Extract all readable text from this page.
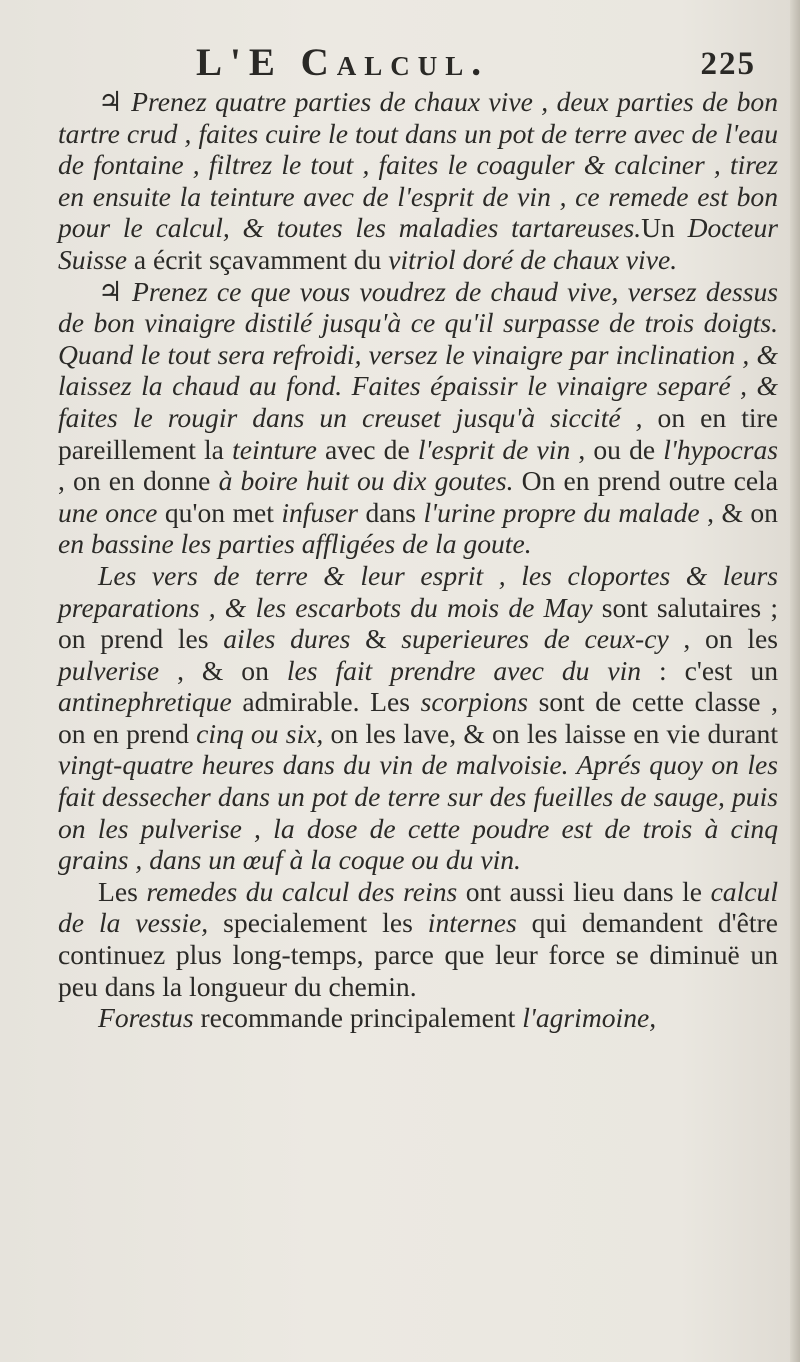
L'E Calcul.	225

♃ Prenez quatre parties de chaux vive , deux parties de bon tartre crud , faites cuire le tout dans un pot de terre avec de l'eau de fontaine , filtrez le tout , faites le coaguler & calciner , tirez en ensuite la teinture avec de l'esprit de vin , ce remede est bon pour le calcul, & toutes les maladies tartareuses.Un Docteur Suisse a écrit sçavamment du vitriol doré de chaux vive.

♃ Prenez ce que vous voudrez de chaud vive, versez dessus de bon vinaigre distilé jusqu'à ce qu'il surpasse de trois doigts. Quand le tout sera refroidi, versez le vinaigre par inclination , & laissez la chaud au fond. Faites épaissir le vinaigre separé , & faites le rougir dans un creuset jusqu'à siccité , on en tire pareillement la teinture avec de l'esprit de vin , ou de l'hypocras , on en donne à boire huit ou dix goutes. On en prend outre cela une once qu'on met infuser dans l'urine propre du malade , & on en bassine les parties affligées de la goute.

Les vers de terre & leur esprit , les cloportes & leurs preparations , & les escarbots du mois de May sont salutaires ; on prend les ailes dures & superieures de ceux-cy , on les pulverise , & on les fait prendre avec du vin : c'est un antinephretique admirable. Les scorpions sont de cette classe , on en prend cinq ou six, on les lave, & on les laisse en vie durant vingt-quatre heures dans du vin de malvoisie. Aprés quoy on les fait dessecher dans un pot de terre sur des fueilles de sauge, puis on les pulverise , la dose de cette poudre est de trois à cinq grains , dans un œuf à la coque ou du vin.

Les remedes du calcul des reins ont aussi lieu dans le calcul de la vessie, specialement les internes qui demandent d'être continuez plus long-temps, parce que leur force se diminuë un peu dans la longueur du chemin.

Forestus recommande principalement l'agrimoine,
